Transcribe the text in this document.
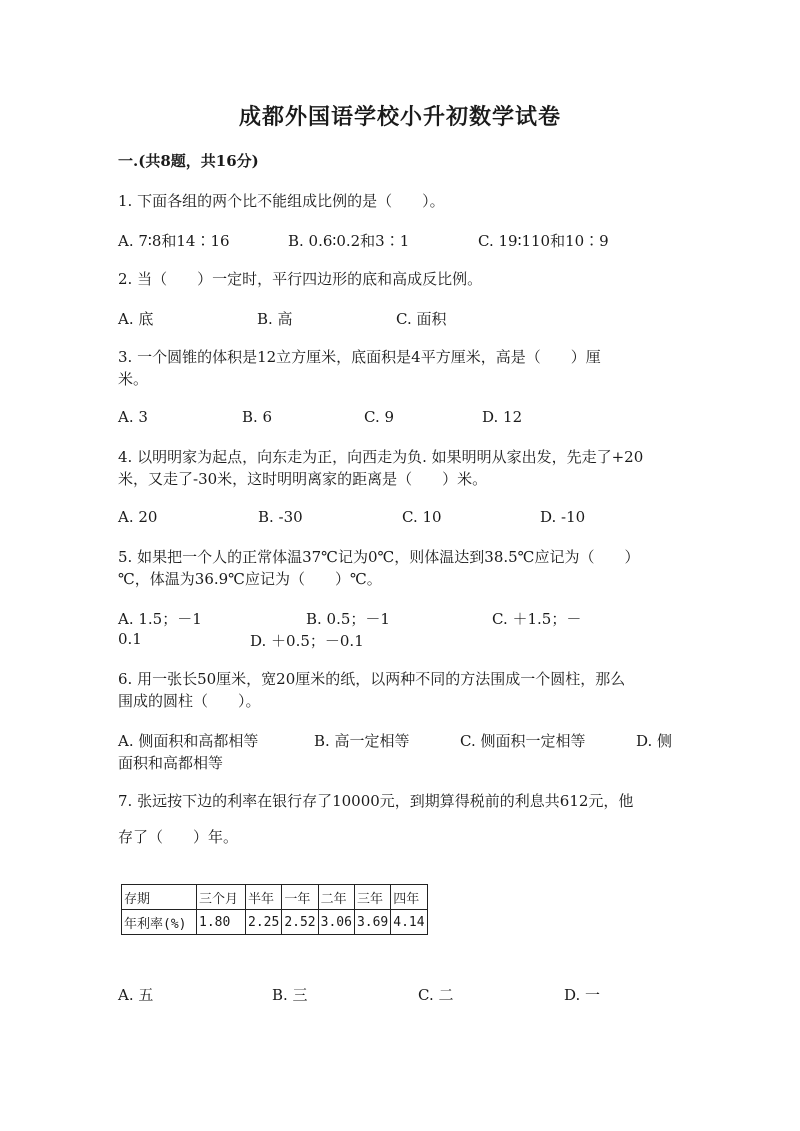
成都外国语学校小升初数学试卷
一.(共8题，共16分)
1. 下面各组的两个比不能组成比例的是（　　）。
A. 7∶8和14∶16	B. 0.6∶0.2和3∶1	C. 19∶110和10∶9
2. 当（　　）一定时，平行四边形的底和高成反比例。
A. 底	B. 高	C. 面积
3. 一个圆锥的体积是12立方厘米，底面积是4平方厘米，高是（　　）厘
米。
A. 3	B. 6	C. 9	D. 12
4. 以明明家为起点，向东走为正，向西走为负. 如果明明从家出发，先走了+20
米，又走了-30米，这时明明离家的距离是（　　）米。
A. 20	B. -30	C. 10	D. -10
5. 如果把一个人的正常体温37℃记为0℃，则体温达到38.5℃应记为（　　）
℃，体温为36.9℃应记为（　　）℃。
A. 1.5；－1	B. 0.5；－1	C. ＋1.5；－
0.1	D. ＋0.5；－0.1
6. 用一张长50厘米，宽20厘米的纸，以两种不同的方法围成一个圆柱，那么
围成的圆柱（　　）。
A. 侧面积和高都相等	B. 高一定相等	C. 侧面积一定相等	D. 侧
面积和高都相等
7. 张远按下边的利率在银行存了10000元，到期算得税前的利息共612元，他
存了（　　）年。
存期	三个月	半年	一年	二年	三年	四年
年利率(%)	1.80	2.25	2.52	3.06	3.69	4.14
A. 五	B. 三	C. 二	D. 一
